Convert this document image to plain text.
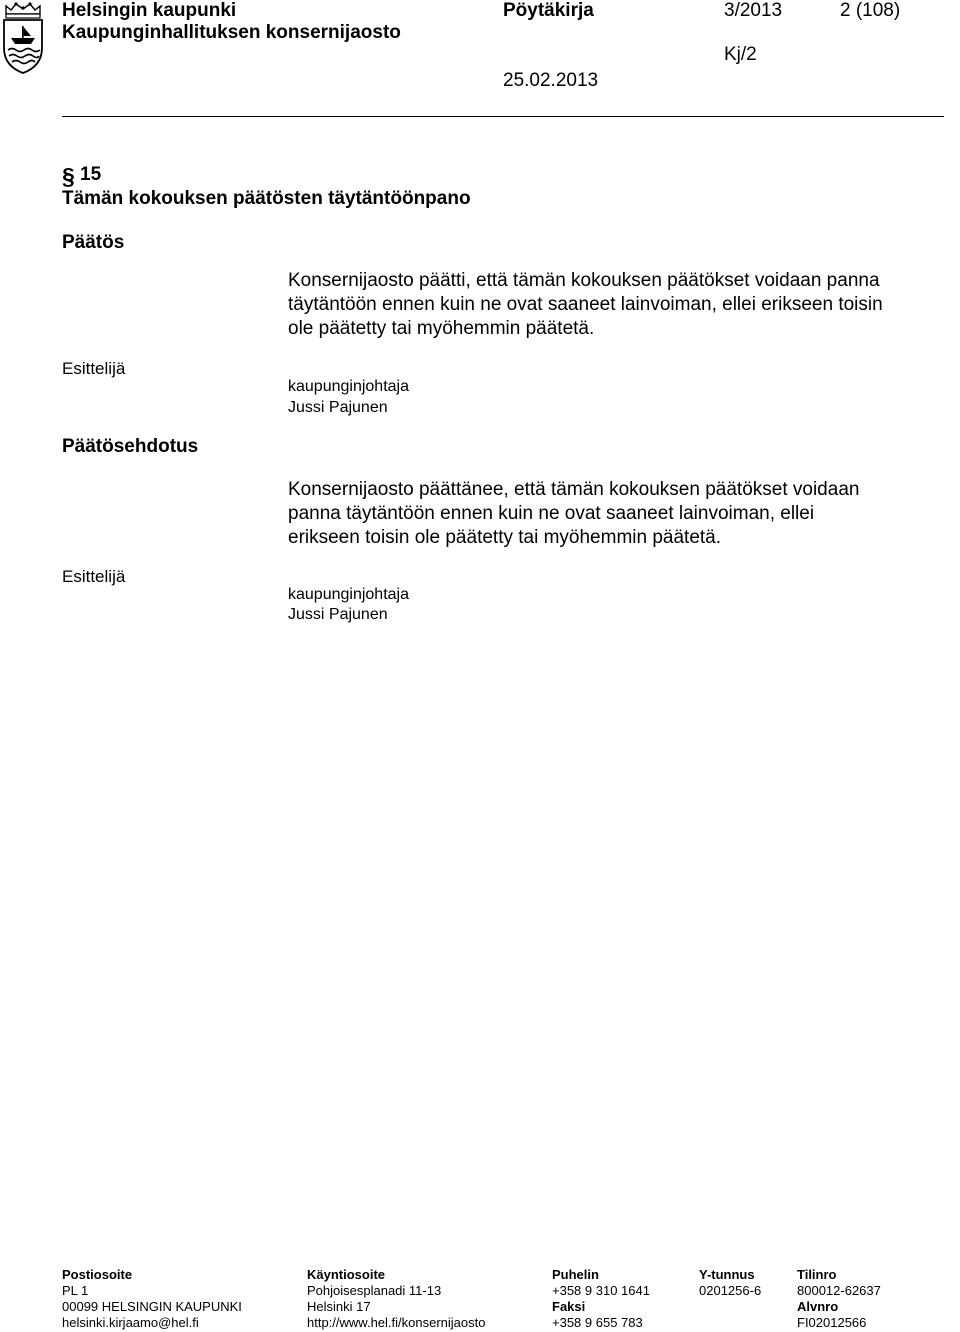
Helsingin kaupunki
Kaupunginhallituksen konsernijaosto
Pöytäkirja	3/2013	2 (108)
Kj/2
25.02.2013
§ 15
Tämän kokouksen päätösten täytäntöönpano
Päätös

Konsernijaosto päätti, että tämän kokouksen päätökset voidaan panna
täytäntöön ennen kuin ne ovat saaneet lainvoiman, ellei erikseen toisin
ole päätetty tai myöhemmin päätetä.

Esittelijä
kaupunginjohtaja
Jussi Pajunen
Päätösehdotus

Konsernijaosto päättänee, että tämän kokouksen päätökset voidaan
panna täytäntöön ennen kuin ne ovat saaneet lainvoiman, ellei
erikseen toisin ole päätetty tai myöhemmin päätetä.

Esittelijä
kaupunginjohtaja
Jussi Pajunen
Postiosoite
PL 1
00099 HELSINGIN KAUPUNKI
helsinki.kirjaamo@hel.fi
Käyntiosoite
Pohjoisesplanadi 11-13
Helsinki 17
http://www.hel.fi/konsernijaosto
Puhelin
+358 9 310 1641
Faksi
+358 9 655 783
Y-tunnus
0201256-6
Tilinro
800012-62637
Alvnro
FI02012566
